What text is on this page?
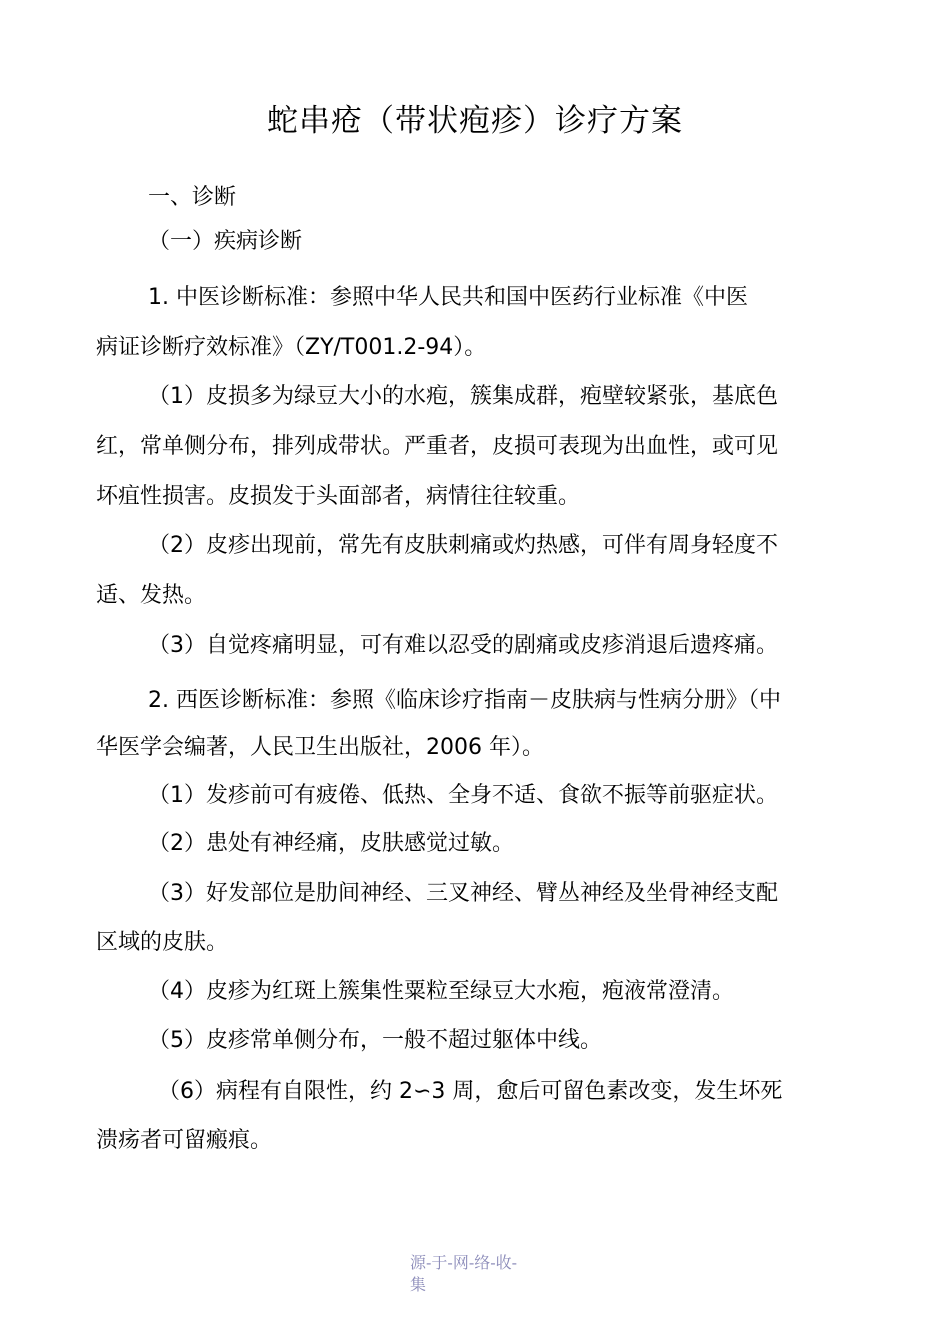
蛇串疮（带状疱疹）诊疗方案
一、诊断
（一）疾病诊断
1. 中医诊断标准：参照中华人民共和国中医药行业标准《中医
病证诊断疗效标准》（ZY/T001.2-94）。
（1）皮损多为绿豆大小的水疱，簇集成群，疱壁较紧张，基底色
红，常单侧分布，排列成带状。严重者，皮损可表现为出血性，或可见
坏疽性损害。皮损发于头面部者，病情往往较重。
（2）皮疹出现前，常先有皮肤刺痛或灼热感，可伴有周身轻度不
适、发热。
（3）自觉疼痛明显，可有难以忍受的剧痛或皮疹消退后遗疼痛。
2. 西医诊断标准：参照《临床诊疗指南－皮肤病与性病分册》（中
华医学会编著，人民卫生出版社，2006 年）。
（1）发疹前可有疲倦、低热、全身不适、食欲不振等前驱症状。
（2）患处有神经痛，皮肤感觉过敏。
（3）好发部位是肋间神经、三叉神经、臂丛神经及坐骨神经支配
区域的皮肤。
（4）皮疹为红斑上簇集性粟粒至绿豆大水疱，疱液常澄清。
（5）皮疹常单侧分布，一般不超过躯体中线。
（6）病程有自限性，约 2∽3 周，愈后可留色素改变，发生坏死
溃疡者可留瘢痕。
源-于-网-络-收-
集
